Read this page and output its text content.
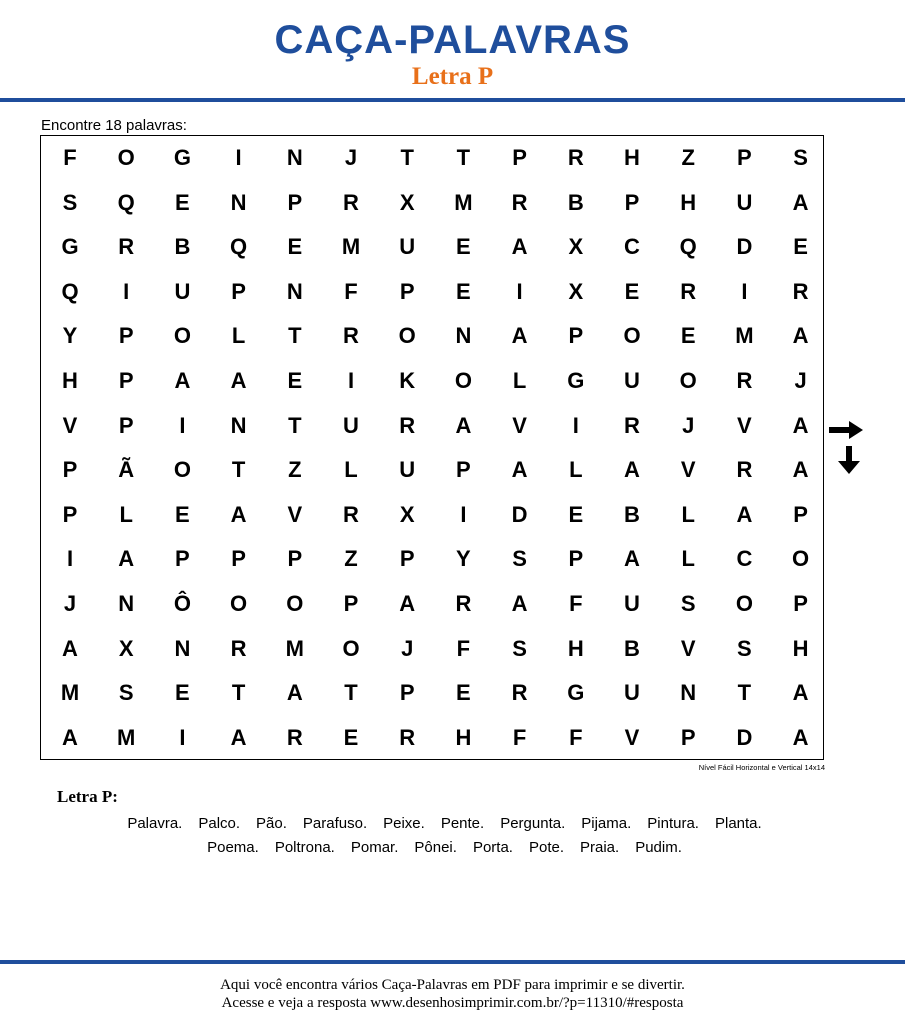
CAÇA-PALAVRAS
Letra P
Encontre 18 palavras:
F	O	G	I	N	J	T	T	P	R	H	Z	P	S
S	Q	E	N	P	R	X	M	R	B	P	H	U	A
G	R	B	Q	E	M	U	E	A	X	C	Q	D	E
Q	I	U	P	N	F	P	E	I	X	E	R	I	R
Y	P	O	L	T	R	O	N	A	P	O	E	M	A
H	P	A	A	E	I	K	O	L	G	U	O	R	J
V	P	I	N	T	U	R	A	V	I	R	J	V	A
P	Ã	O	T	Z	L	U	P	A	L	A	V	R	A
P	L	E	A	V	R	X	I	D	E	B	L	A	P
I	A	P	P	P	Z	P	Y	S	P	A	L	C	O
J	N	Ô	O	O	P	A	R	A	F	U	S	O	P
A	X	N	R	M	O	J	F	S	H	B	V	S	H
M	S	E	T	A	T	P	E	R	G	U	N	T	A
A	M	I	A	R	E	R	H	F	F	V	P	D	A
Nível Fácil Horizontal e Vertical 14x14
Letra P:
Palavra. Palco. Pão. Parafuso. Peixe. Pente. Pergunta. Pijama. Pintura. Planta.
Poema. Poltrona. Pomar. Pônei. Porta. Pote. Praia. Pudim.
Aqui você encontra vários Caça-Palavras em PDF para imprimir e se divertir.
Acesse e veja a resposta www.desenhosimprimir.com.br/?p=11310/#resposta
